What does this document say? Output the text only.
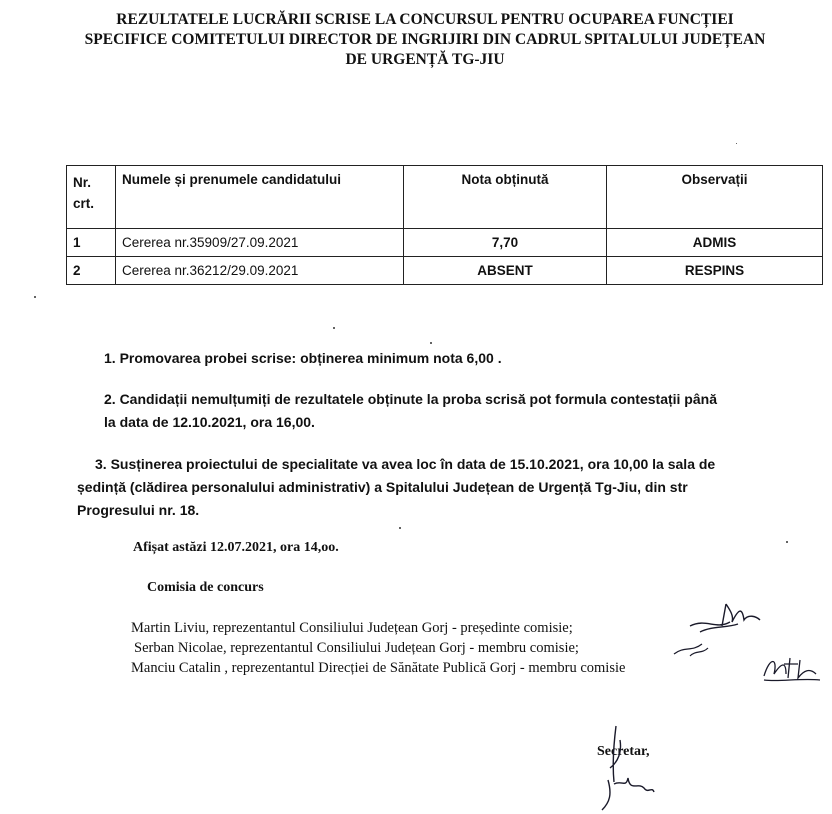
REZULTATELE LUCRĂRII SCRISE LA CONCURSUL PENTRU OCUPAREA FUNCȚIEI
SPECIFICE COMITETULUI DIRECTOR DE INGRIJIRI DIN CADRUL SPITALULUI JUDEȚEAN
DE URGENȚĂ TG-JIU
Nr.
crt.	Numele și prenumele candidatului	Nota obținută	Observații
1	Cererea nr.35909/27.09.2021	7,70	ADMIS
2	Cererea nr.36212/29.09.2021	ABSENT	RESPINS
1. Promovarea probei scrise: obținerea minimum nota 6,00 .
2. Candidații nemulțumiți de rezultatele obținute la proba scrisă pot formula contestații până
la data de 12.10.2021, ora 16,00.
3. Susținerea proiectului de specialitate va avea loc în data de 15.10.2021, ora 10,00 la sala de
ședință (clădirea personalului administrativ) a Spitalului Județean de Urgență Tg-Jiu, din str
Progresului nr. 18.
Afișat astăzi 12.07.2021, ora 14,oo.
Comisia de concurs
Martin Liviu, reprezentantul Consiliului Județean Gorj - președinte comisie;
Serban Nicolae, reprezentantul Consiliului Județean Gorj - membru comisie;
Manciu Catalin , reprezentantul Direcției de Sănătate Publică Gorj - membru comisie
Secretar,
